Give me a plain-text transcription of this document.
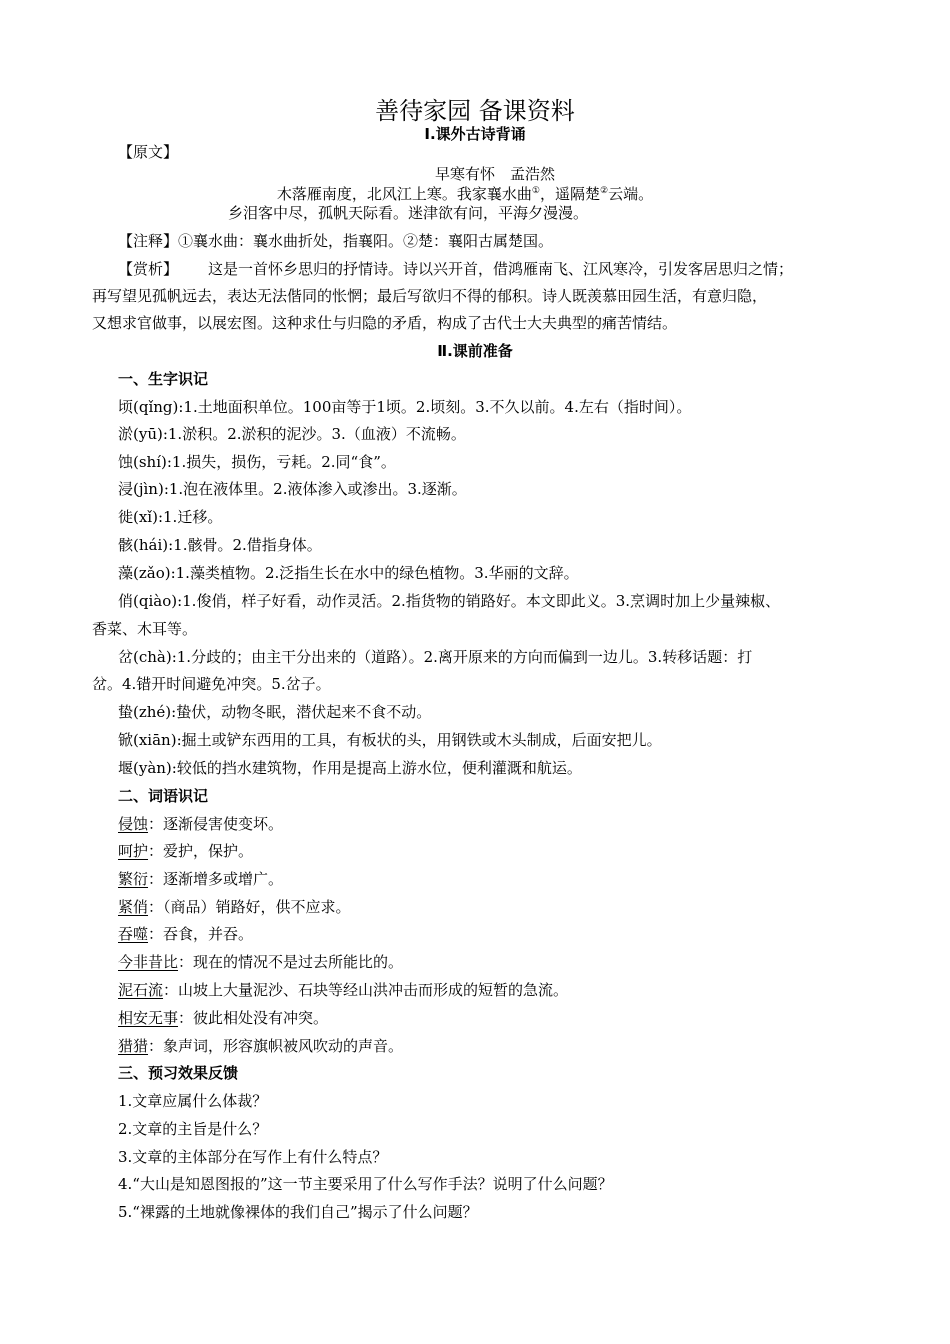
善待家园 备课资料
Ⅰ.课外古诗背诵
【原文】
早寒有怀　孟浩然
木落雁南度，北风江上寒。我家襄水曲①，遥隔楚②云端。
乡泪客中尽，孤帆天际看。迷津欲有问，平海夕漫漫。
【注释】①襄水曲：襄水曲折处，指襄阳。②楚：襄阳古属楚国。
【赏析】 这是一首怀乡思归的抒情诗。诗以兴开首，借鸿雁南飞、江风寒冷，引发客居思归之情；
再写望见孤帆远去，表达无法偕同的怅惘；最后写欲归不得的郁积。诗人既羡慕田园生活，有意归隐，
又想求官做事，以展宏图。这种求仕与归隐的矛盾，构成了古代士大夫典型的痛苦情结。
Ⅱ.课前准备
一、生字识记
顷(qǐng):1.土地面积单位。100亩等于1顷。2.顷刻。3.不久以前。4.左右（指时间）。
淤(yū):1.淤积。2.淤积的泥沙。3.（血液）不流畅。
蚀(shí):1.损失，损伤，亏耗。2.同“食”。
浸(jìn):1.泡在液体里。2.液体渗入或渗出。3.逐渐。
徙(xǐ):1.迁移。
骸(hái):1.骸骨。2.借指身体。
藻(zǎo):1.藻类植物。2.泛指生长在水中的绿色植物。3.华丽的文辞。
俏(qiào):1.俊俏，样子好看，动作灵活。2.指货物的销路好。本文即此义。3.烹调时加上少量辣椒、
香菜、木耳等。
岔(chà):1.分歧的；由主干分出来的（道路）。2.离开原来的方向而偏到一边儿。3.转移话题：打
岔。4.错开时间避免冲突。5.岔子。
蛰(zhé):蛰伏，动物冬眠，潜伏起来不食不动。
锨(xiān):掘土或铲东西用的工具，有板状的头，用钢铁或木头制成，后面安把儿。
堰(yàn):较低的挡水建筑物，作用是提高上游水位，便利灌溉和航运。
二、词语识记
侵蚀：逐渐侵害使变坏。
呵护：爱护，保护。
繁衍：逐渐增多或增广。
紧俏：（商品）销路好，供不应求。
吞噬：吞食，并吞。
今非昔比：现在的情况不是过去所能比的。
泥石流：山坡上大量泥沙、石块等经山洪冲击而形成的短暂的急流。
相安无事：彼此相处没有冲突。
猎猎：象声词，形容旗帜被风吹动的声音。
三、预习效果反馈
1.文章应属什么体裁？
2.文章的主旨是什么？
3.文章的主体部分在写作上有什么特点？
4.“大山是知恩图报的”这一节主要采用了什么写作手法？说明了什么问题？
5.“裸露的土地就像裸体的我们自己”揭示了什么问题？
